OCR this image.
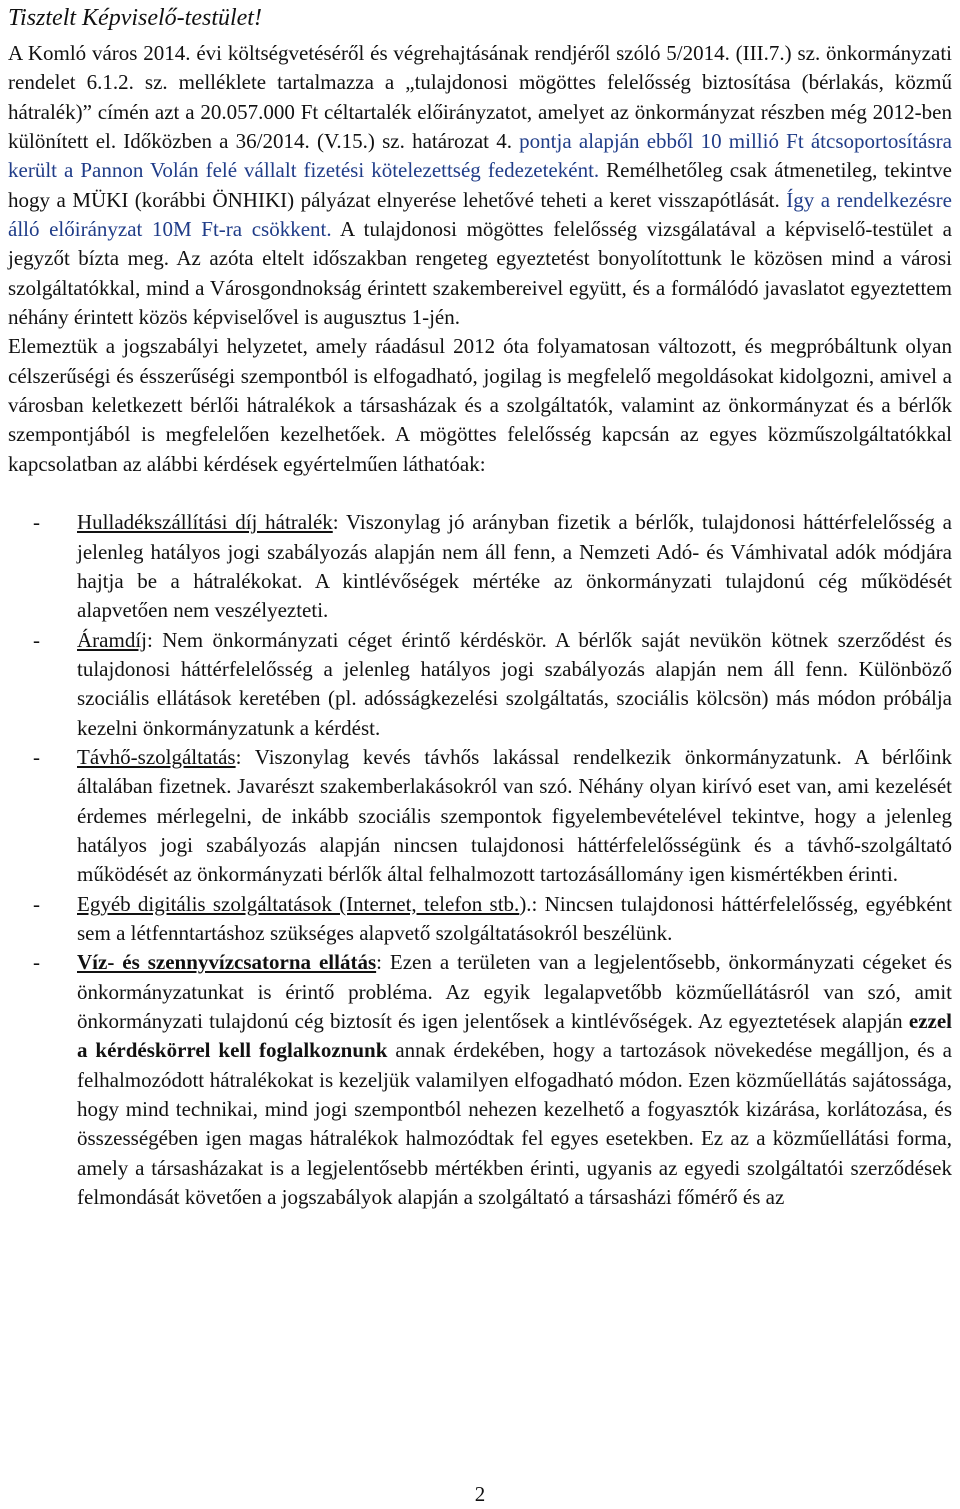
Tisztelt Képviselő-testület!

A Komló város 2014. évi költségvetéséről és végrehajtásának rendjéről szóló 5/2014. (III.7.) sz. önkormányzati rendelet 6.1.2. sz. melléklete tartalmazza a „tulajdonosi mögöttes felelősség biztosítása (bérlakás, közmű hátralék)” címén azt a 20.057.000 Ft céltartalék előirányzatot, amelyet az önkormányzat részben még 2012-ben különített el. Időközben a 36/2014. (V.15.) sz. határozat 4. pontja alapján ebből 10 millió Ft átcsoportosításra került a Pannon Volán felé vállalt fizetési kötelezettség fedezeteként. Remélhetőleg csak átmenetileg, tekintve hogy a MÜKI (korábbi ÖNHIKI) pályázat elnyerése lehetővé teheti a keret visszapótlását. Így a rendelkezésre álló előirányzat 10M Ft-ra csökkent. A tulajdonosi mögöttes felelősség vizsgálatával a képviselő-testület a jegyzőt bízta meg. Az azóta eltelt időszakban rengeteg egyeztetést bonyolítottunk le közösen mind a városi szolgáltatókkal, mind a Városgondnokság érintett szakembereivel együtt, és a formálódó javaslatot egyeztettem néhány érintett közös képviselővel is augusztus 1-jén.

Elemeztük a jogszabályi helyzetet, amely ráadásul 2012 óta folyamatosan változott, és megpróbáltunk olyan célszerűségi és ésszerűségi szempontból is elfogadható, jogilag is megfelelő megoldásokat kidolgozni, amivel a városban keletkezett bérlői hátralékok a társasházak és a szolgáltatók, valamint az önkormányzat és a bérlők szempontjából is megfelelően kezelhetőek. A mögöttes felelősség kapcsán az egyes közműszolgáltatókkal kapcsolatban az alábbi kérdések egyértelműen láthatóak:

- Hulladékszállítási díj hátralék: Viszonylag jó arányban fizetik a bérlők, tulajdonosi háttérfelelősség a jelenleg hatályos jogi szabályozás alapján nem áll fenn, a Nemzeti Adó- és Vámhivatal adók módjára hajtja be a hátralékokat. A kintlévőségek mértéke az önkormányzati tulajdonú cég működését alapvetően nem veszélyezteti.
- Áramdíj: Nem önkormányzati céget érintő kérdéskör. A bérlők saját nevükön kötnek szerződést és tulajdonosi háttérfelelősség a jelenleg hatályos jogi szabályozás alapján nem áll fenn. Különböző szociális ellátások keretében (pl. adósságkezelési szolgáltatás, szociális kölcsön) más módon próbálja kezelni önkormányzatunk a kérdést.
- Távhő-szolgáltatás: Viszonylag kevés távhős lakással rendelkezik önkormányzatunk. A bérlőink általában fizetnek. Javarészt szakemberlakásokról van szó. Néhány olyan kirívó eset van, ami kezelését érdemes mérlegelni, de inkább szociális szempontok figyelembevételével tekintve, hogy a jelenleg hatályos jogi szabályozás alapján nincsen tulajdonosi háttérfelelősségünk és a távhő-szolgáltató működését az önkormányzati bérlők által felhalmozott tartozásállomány igen kismértékben érinti.
- Egyéb digitális szolgáltatások (Internet, telefon stb.).: Nincsen tulajdonosi háttérfelelősség, egyébként sem a létfenntartáshoz szükséges alapvető szolgáltatásokról beszélünk.
- Víz- és szennyvízcsatorna ellátás: Ezen a területen van a legjelentősebb, önkormányzati cégeket és önkormányzatunkat is érintő probléma. Az egyik legalapvetőbb közműellátásról van szó, amit önkormányzati tulajdonú cég biztosít és igen jelentősek a kintlévőségek. Az egyeztetések alapján ezzel a kérdéskörrel kell foglalkoznunk annak érdekében, hogy a tartozások növekedése megálljon, és a felhalmozódott hátralékokat is kezeljük valamilyen elfogadható módon. Ezen közműellátás sajátossága, hogy mind technikai, mind jogi szempontból nehezen kezelhető a fogyasztók kizárása, korlátozása, és összességében igen magas hátralékok halmozódtak fel egyes esetekben. Ez az a közműellátási forma, amely a társasházakat is a legjelentősebb mértékben érinti, ugyanis az egyedi szolgáltatói szerződések felmondását követően a jogszabályok alapján a szolgáltató a társasházi főmérő és az
2
